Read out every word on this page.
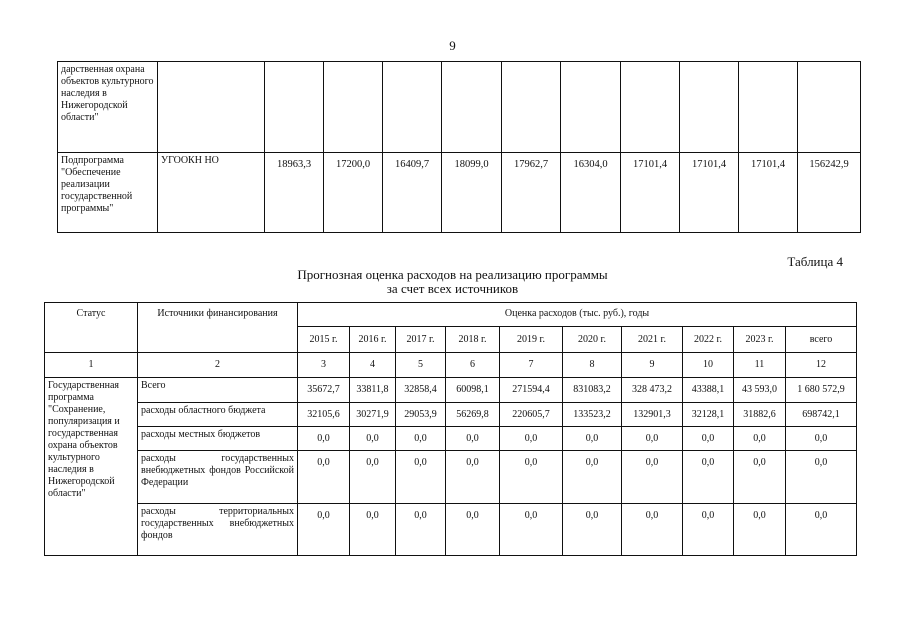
9
дарственная охрана объектов культурного наследия в Нижегородской области"											
Подпрограмма "Обеспечение реализации государственной программы"	УГООКН НО	18963,3	17200,0	16409,7	18099,0	17962,7	16304,0	17101,4	17101,4	17101,4	156242,9
Таблица 4
Прогнозная оценка расходов на реализацию программы
за счет всех источников
Статус	Источники финансирования	Оценка расходов (тыс. руб.), годы									
		2015 г.	2016 г.	2017 г.	2018 г.	2019 г.	2020 г.	2021 г.	2022 г.	2023 г.	всего
1	2	3	4	5	6	7	8	9	10	11	12
Государственная программа "Сохранение, популяризация и государственная охрана объектов культурного наследия в Нижегородской области"	Всего	35672,7	33811,8	32858,4	60098,1	271594,4	831083,2	328 473,2	43388,1	43 593,0	1 680 572,9
	расходы областного бюджета	32105,6	30271,9	29053,9	56269,8	220605,7	133523,2	132901,3	32128,1	31882,6	698742,1
	расходы местных бюджетов	0,0	0,0	0,0	0,0	0,0	0,0	0,0	0,0	0,0	0,0
	расходы государственных внебюджетных фондов Российской Федерации	0,0	0,0	0,0	0,0	0,0	0,0	0,0	0,0	0,0	0,0
	расходы территориальных государственных внебюджетных фондов	0,0	0,0	0,0	0,0	0,0	0,0	0,0	0,0	0,0	0,0
